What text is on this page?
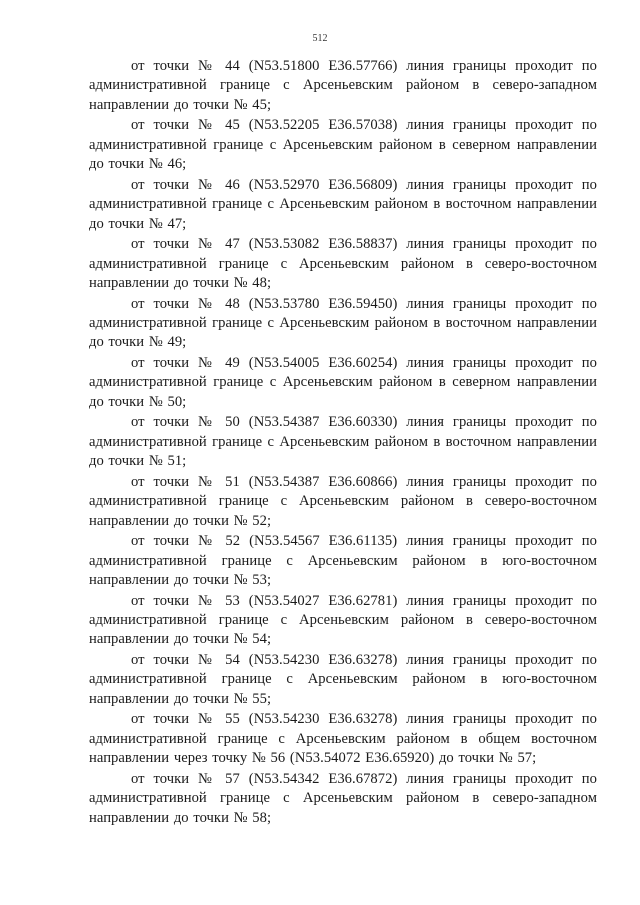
512

от точки № 44 (N53.51800 E36.57766) линия границы проходит по административной границе с Арсеньевским районом в северо-западном направлении до точки № 45;

от точки № 45 (N53.52205 E36.57038) линия границы проходит по административной границе с Арсеньевским районом в северном направлении до точки № 46;

от точки № 46 (N53.52970 E36.56809) линия границы проходит по административной границе с Арсеньевским районом в восточном направлении до точки № 47;

от точки № 47 (N53.53082 E36.58837) линия границы проходит по административной границе с Арсеньевским районом в северо-восточном направлении до точки № 48;

от точки № 48 (N53.53780 E36.59450) линия границы проходит по административной границе с Арсеньевским районом в восточном направлении до точки № 49;

от точки № 49 (N53.54005 E36.60254) линия границы проходит по административной границе с Арсеньевским районом в северном направлении до точки № 50;

от точки № 50 (N53.54387 E36.60330) линия границы проходит по административной границе с Арсеньевским районом в восточном направлении до точки № 51;

от точки № 51 (N53.54387 E36.60866) линия границы проходит по административной границе с Арсеньевским районом в северо-восточном направлении до точки № 52;

от точки № 52 (N53.54567 E36.61135) линия границы проходит по административной границе с Арсеньевским районом в юго-восточном направлении до точки № 53;

от точки № 53 (N53.54027 E36.62781) линия границы проходит по административной границе с Арсеньевским районом в северо-восточном направлении до точки № 54;

от точки № 54 (N53.54230 E36.63278) линия границы проходит по административной границе с Арсеньевским районом в юго-восточном направлении до точки № 55;

от точки № 55 (N53.54230 E36.63278) линия границы проходит по административной границе с Арсеньевским районом в общем восточном направлении через точку № 56 (N53.54072 E36.65920) до точки № 57;

от точки № 57 (N53.54342 E36.67872) линия границы проходит по административной границе с Арсеньевским районом в северо-западном направлении до точки № 58;
